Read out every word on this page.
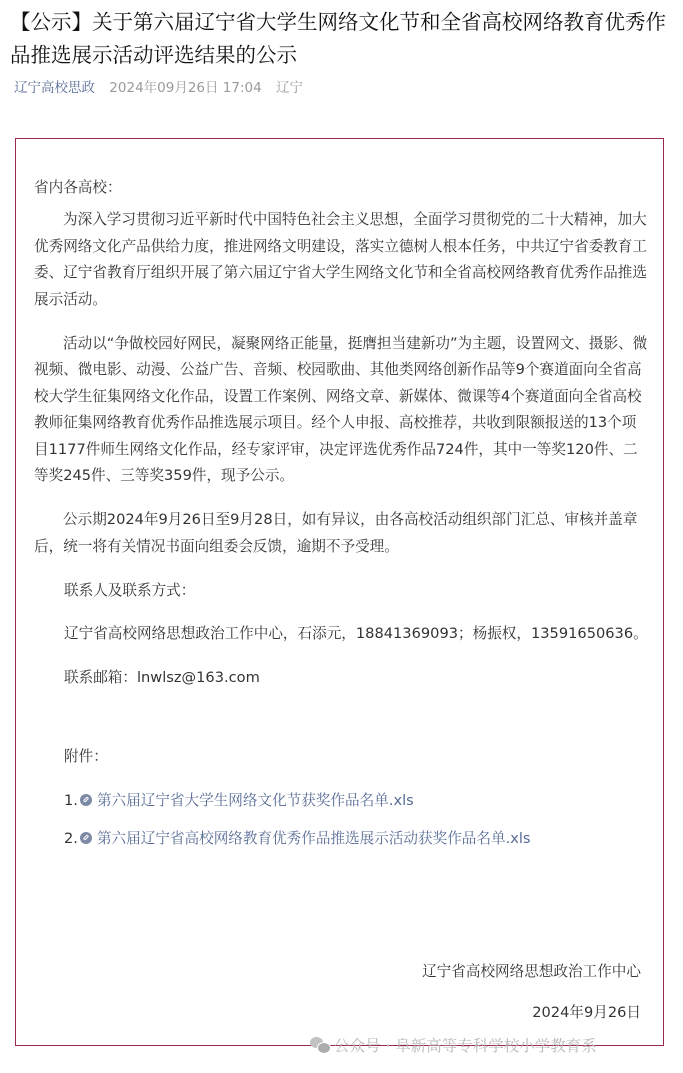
【公示】关于第六届辽宁省大学生网络文化节和全省高校网络教育优秀作品推选展示活动评选结果的公示
辽宁高校思政 2024年09月26日 17:04 辽宁

省内各高校：

为深入学习贯彻习近平新时代中国特色社会主义思想，全面学习贯彻党的二十大精神，加大优秀网络文化产品供给力度，推进网络文明建设，落实立德树人根本任务，中共辽宁省委教育工委、辽宁省教育厅组织开展了第六届辽宁省大学生网络文化节和全省高校网络教育优秀作品推选展示活动。

活动以“争做校园好网民，凝聚网络正能量，挺膺担当建新功”为主题，设置网文、摄影、微视频、微电影、动漫、公益广告、音频、校园歌曲、其他类网络创新作品等9个赛道面向全省高校大学生征集网络文化作品，设置工作案例、网络文章、新媒体、微课等4个赛道面向全省高校教师征集网络教育优秀作品推选展示项目。经个人申报、高校推荐，共收到限额报送的13个项目1177件师生网络文化作品，经专家评审，决定评选优秀作品724件，其中一等奖120件、二等奖245件、三等奖359件，现予公示。

公示期2024年9月26日至9月28日，如有异议，由各高校活动组织部门汇总、审核并盖章后，统一将有关情况书面向组委会反馈，逾期不予受理。

联系人及联系方式：

辽宁省高校网络思想政治工作中心，石添元，18841369093；杨振权，13591650636。

联系邮箱：lnwlsz@163.com

附件：

1. 第六届辽宁省大学生网络文化节获奖作品名单.xls

2. 第六届辽宁省高校网络教育优秀作品推选展示活动获奖作品名单.xls

辽宁省高校网络思想政治工作中心
2024年9月26日
公众号 · 阜新高等专科学校小学教育系
